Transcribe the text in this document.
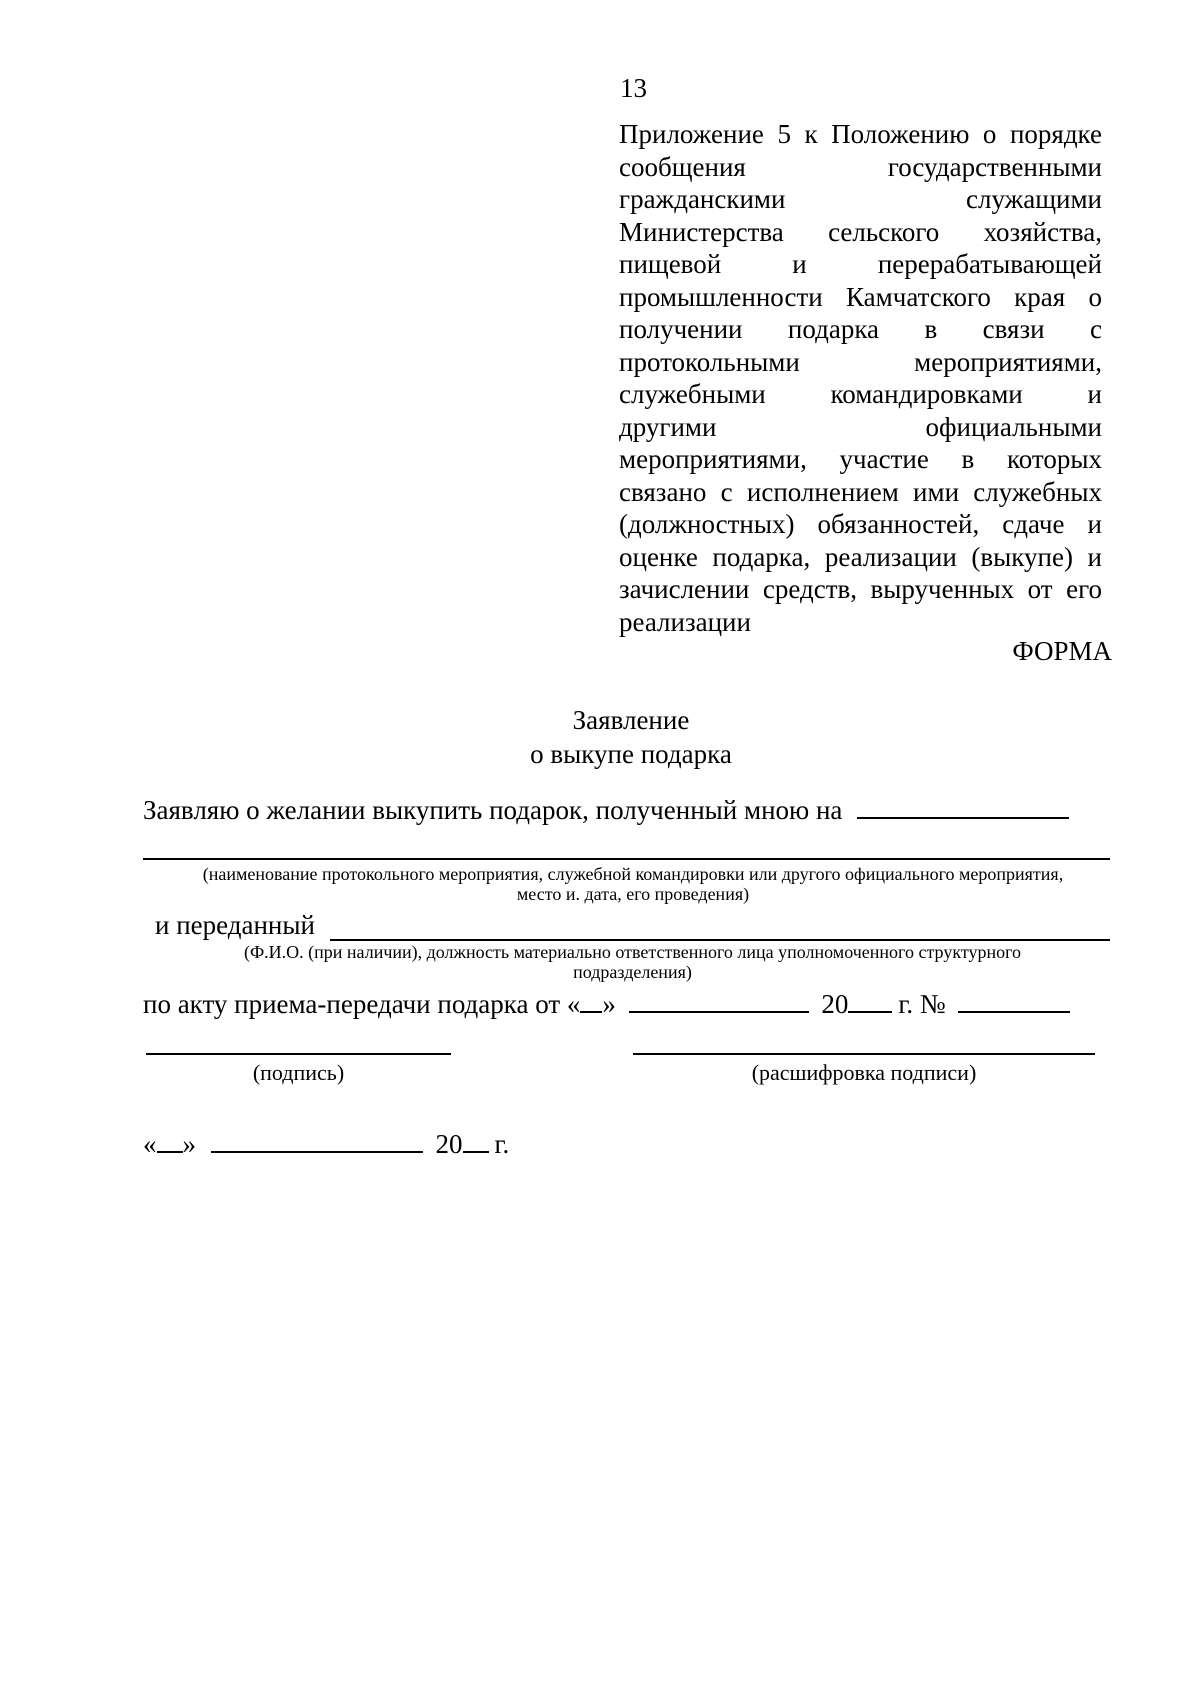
13
Приложение 5 к Положению о порядке
сообщения государственными
гражданскими служащими
Министерства сельского хозяйства,
пищевой и перерабатывающей
промышленности Камчатского края о
получении подарка в связи с
протокольными мероприятиями,
служебными командировками и
другими официальными
мероприятиями, участие в которых
связано с исполнением ими служебных
(должностных) обязанностей, сдаче и
оценке подарка, реализации (выкупе) и
зачислении средств, вырученных от его
реализации
ФОРМА
Заявление
о выкупе подарка
Заявляю о желании выкупить подарок, полученный мною на
(наименование протокольного мероприятия, служебной командировки или другого официального мероприятия,
место и. дата, его проведения)
и переданный
(Ф.И.О. (при наличии), должность материально ответственного лица уполномоченного структурного
подразделения)
по акту приема-передачи подарка от « »	20 г. №
(подпись)	(расшифровка подписи)
« »	20 г.
